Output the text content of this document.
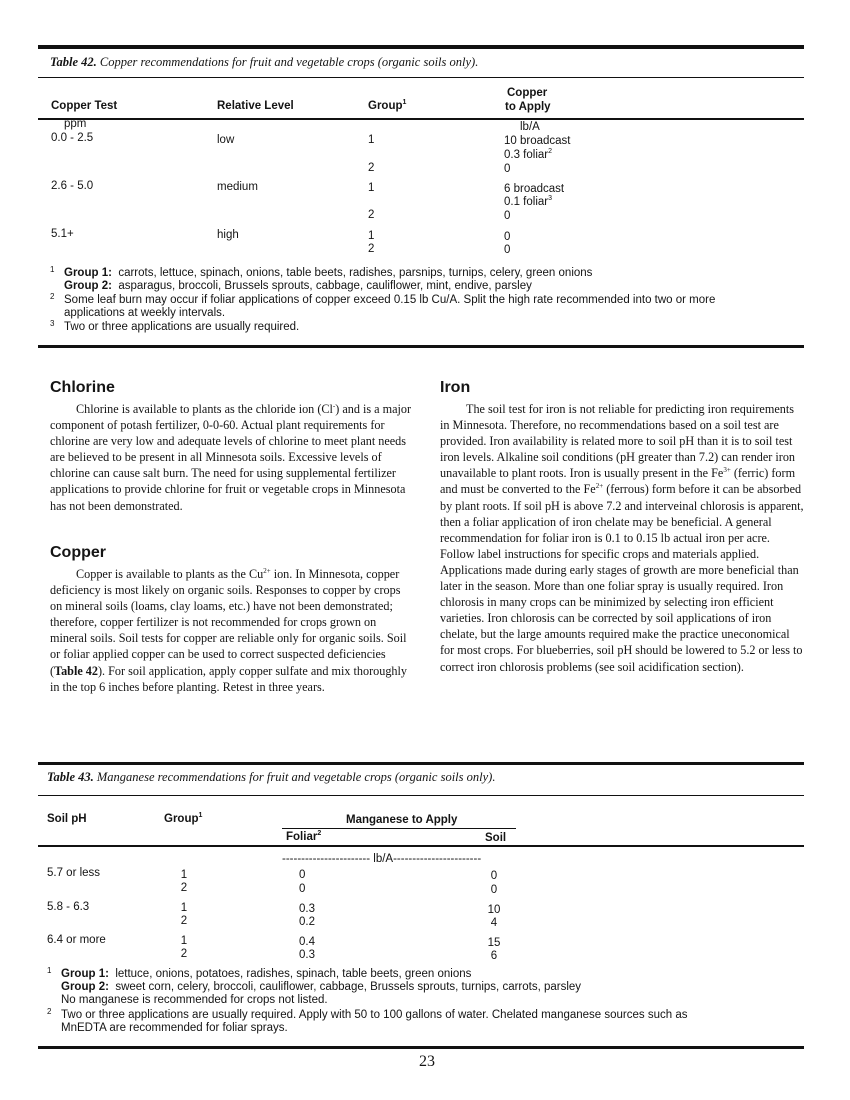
Table 42. Copper recommendations for fruit and vegetable crops (organic soils only).
Copper Test	Relative Level	Group$^1$
Copper
to Apply
ppm	lb/A
0.0 - 2.5	low	1	10 broadcast
0.3 foliar$^2$
2	0
2.6 - 5.0	medium	1	6 broadcast
0.1 foliar$^3$
2	0
5.1+	high	1	0
2	0
1 Group 1: carrots, lettuce, spinach, onions, table beets, radishes, parsnips, turnips, celery, green onions
Group 2: asparagus, broccoli, Brussels sprouts, cabbage, cauliflower, mint, endive, parsley
2 Some leaf burn may occur if foliar applications of copper exceed 0.15 lb Cu/A. Split the high rate recommended into two or more
applications at weekly intervals.
3 Two or three applications are usually required.
Chlorine

Chlorine is available to plants as the chloride ion (Cl-) and is a major component of potash fertilizer, 0-0-60. Actual plant requirements for chlorine are very low and adequate levels of chlorine to meet plant needs are believed to be present in all Minnesota soils. Excessive levels of chlorine can cause salt burn. The need for using supplemental fertilizer applications to provide chlorine for fruit or vegetable crops in Minnesota has not been demonstrated.

Copper

Copper is available to plants as the $Cu^{2+}$ ion. In Minnesota, copper deficiency is most likely on organic soils. Responses to copper by crops on mineral soils (loams, clay loams, etc.) have not been demonstrated; therefore, copper fertilizer is not recommended for crops grown on mineral soils. Soil tests for copper are reliable only for organic soils. Soil or foliar applied copper can be used to correct suspected deficiencies (Table 42). For soil application, apply copper sulfate and mix thoroughly in the top 6 inches before planting. Retest in three years.

Iron

The soil test for iron is not reliable for predicting iron requirements in Minnesota. Therefore, no recommendations based on a soil test are provided. Iron availability is related more to soil pH than it is to soil test iron levels. Alkaline soil conditions (pH greater than 7.2) can render iron unavailable to plant roots. Iron is usually present in the $Fe^{3+}$ (ferric) form and must be converted to the $Fe^{2+}$ (ferrous) form before it can be absorbed by plant roots. If soil pH is above 7.2 and interveinal chlorosis is apparent, then a foliar application of iron chelate may be beneficial. A general recommendation for foliar iron is 0.1 to 0.15 lb actual iron per acre. Follow label instructions for specific crops and materials applied. Applications made during early stages of growth are more beneficial than later in the season. More than one foliar spray is usually required. Iron chlorosis in many crops can be minimized by selecting iron efficient varieties. Iron chlorosis can be corrected by soil applications of iron chelate, but the large amounts required make the practice uneconomical for most crops. For blueberries, soil pH should be lowered to 5.2 or less to correct iron chlorosis problems (see soil acidification section).

Table 43. Manganese recommendations for fruit and vegetable crops (organic soils only).
Soil pH	Group$^1$	Manganese to Apply
Foliar$^2$	Soil
----------------------- lb/A-----------------------
5.7 or less	1	0	0
2	0	0
5.8 - 6.3	1	0.3	10
2	0.2	4
6.4 or more	1	0.4	15
2	0.3	6
1 Group 1: lettuce, onions, potatoes, radishes, spinach, table beets, green onions
Group 2: sweet corn, celery, broccoli, cauliflower, cabbage, Brussels sprouts, turnips, carrots, parsley
No manganese is recommended for crops not listed.
2 Two or three applications are usually required. Apply with 50 to 100 gallons of water. Chelated manganese sources such as
MnEDTA are recommended for foliar sprays.
23
